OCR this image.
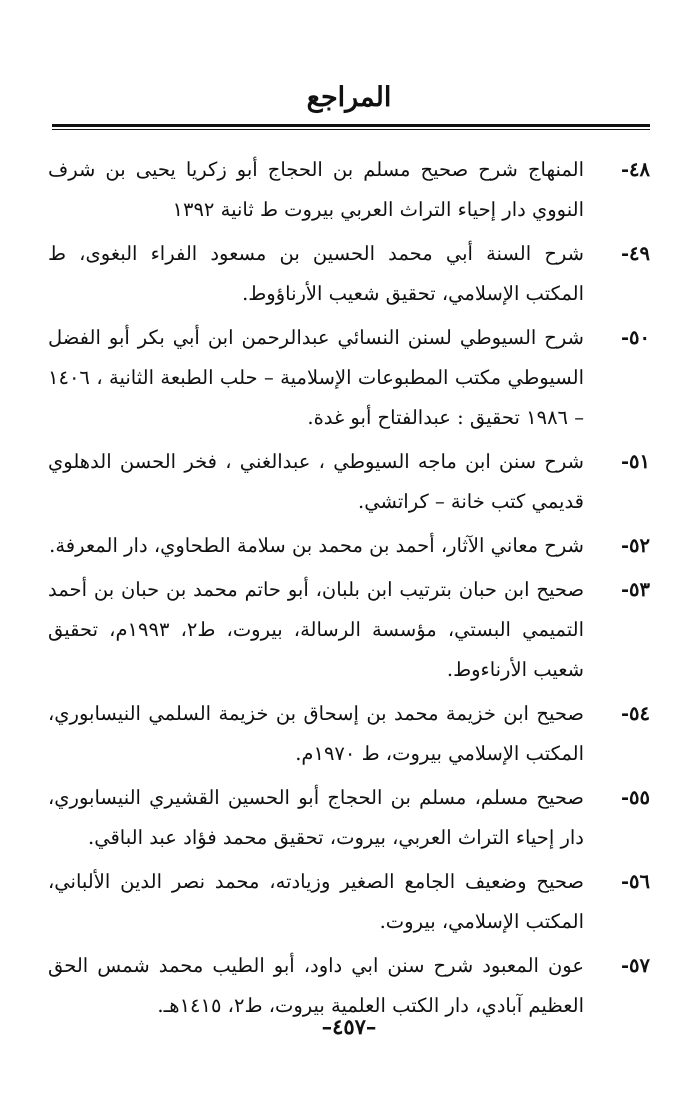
المراجع
٤٨-
المنهاج شرح صحيح مسلم بن الحجاج أبو زكريا يحيى بن شرف النووي دار إحياء التراث العربي بيروت ط ثانية ١٣٩٢
٤٩-
شرح السنة أبي محمد الحسين بن مسعود الفراء البغوى، ط المكتب الإسلامي، تحقيق شعيب الأرناؤوط.
٥٠-
شرح السيوطي لسنن النسائي عبدالرحمن ابن أبي بكر أبو الفضل السيوطي مكتب المطبوعات الإسلامية – حلب الطبعة الثانية ، ١٤٠٦ – ١٩٨٦ تحقيق : عبدالفتاح أبو غدة.
٥١-
شرح سنن ابن ماجه السيوطي ، عبدالغني ، فخر الحسن الدهلوي قديمي كتب خانة – كراتشي.
٥٢-
شرح معاني الآثار، أحمد بن محمد بن سلامة الطحاوي، دار المعرفة.
٥٣-
صحيح ابن حبان بترتيب ابن بلبان، أبو حاتم محمد بن حبان بن أحمد التميمي البستي، مؤسسة الرسالة، بيروت، ط٢، ١٩٩٣م، تحقيق شعيب الأرناءوط.
٥٤-
صحيح ابن خزيمة محمد بن إسحاق بن خزيمة السلمي النيسابوري، المكتب الإسلامي بيروت، ط ١٩٧٠م.
٥٥-
صحيح مسلم، مسلم بن الحجاج أبو الحسين القشيري النيسابوري، دار إحياء التراث العربي، بيروت، تحقيق محمد فؤاد عبد الباقي.
٥٦-
صحيح وضعيف الجامع الصغير وزيادته، محمد نصر الدين الألباني، المكتب الإسلامي، بيروت.
٥٧-
عون المعبود شرح سنن ابي داود، أبو الطيب محمد شمس الحق العظيم آبادي، دار الكتب العلمية بيروت، ط٢، ١٤١٥هـ.
–٤٥٧–
